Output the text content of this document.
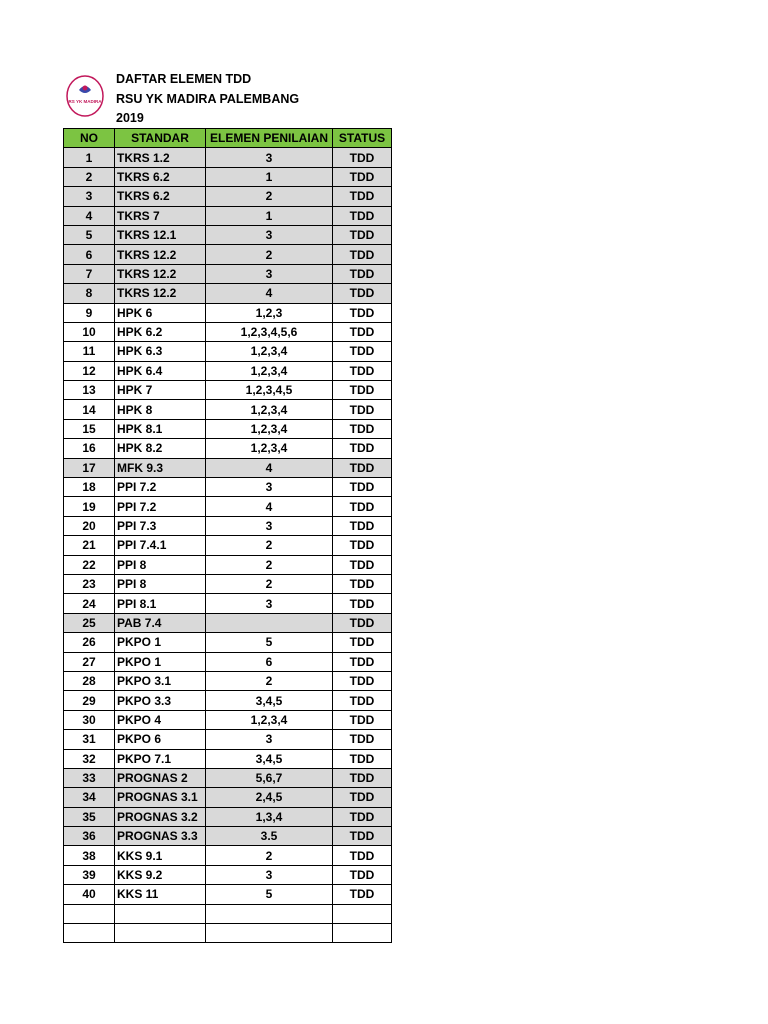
RS YK MADIRA
DAFTAR ELEMEN TDD
RSU YK MADIRA PALEMBANG
2019
NO	STANDAR	ELEMEN PENILAIAN	STATUS
1	TKRS 1.2	3	TDD
2	TKRS 6.2	1	TDD
3	TKRS 6.2	2	TDD
4	TKRS 7	1	TDD
5	TKRS 12.1	3	TDD
6	TKRS 12.2	2	TDD
7	TKRS 12.2	3	TDD
8	TKRS 12.2	4	TDD
9	HPK 6	1,2,3	TDD
10	HPK 6.2	1,2,3,4,5,6	TDD
11	HPK 6.3	1,2,3,4	TDD
12	HPK 6.4	1,2,3,4	TDD
13	HPK 7	1,2,3,4,5	TDD
14	HPK 8	1,2,3,4	TDD
15	HPK 8.1	1,2,3,4	TDD
16	HPK 8.2	1,2,3,4	TDD
17	MFK 9.3	4	TDD
18	PPI 7.2	3	TDD
19	PPI 7.2	4	TDD
20	PPI 7.3	3	TDD
21	PPI 7.4.1	2	TDD
22	PPI 8	2	TDD
23	PPI 8	2	TDD
24	PPI 8.1	3	TDD
25	PAB 7.4		TDD
26	PKPO 1	5	TDD
27	PKPO 1	6	TDD
28	PKPO 3.1	2	TDD
29	PKPO 3.3	3,4,5	TDD
30	PKPO 4	1,2,3,4	TDD
31	PKPO 6	3	TDD
32	PKPO 7.1	3,4,5	TDD
33	PROGNAS 2	5,6,7	TDD
34	PROGNAS 3.1	2,4,5	TDD
35	PROGNAS 3.2	1,3,4	TDD
36	PROGNAS 3.3	3.5	TDD
38	KKS 9.1	2	TDD
39	KKS 9.2	3	TDD
40	KKS 11	5	TDD
